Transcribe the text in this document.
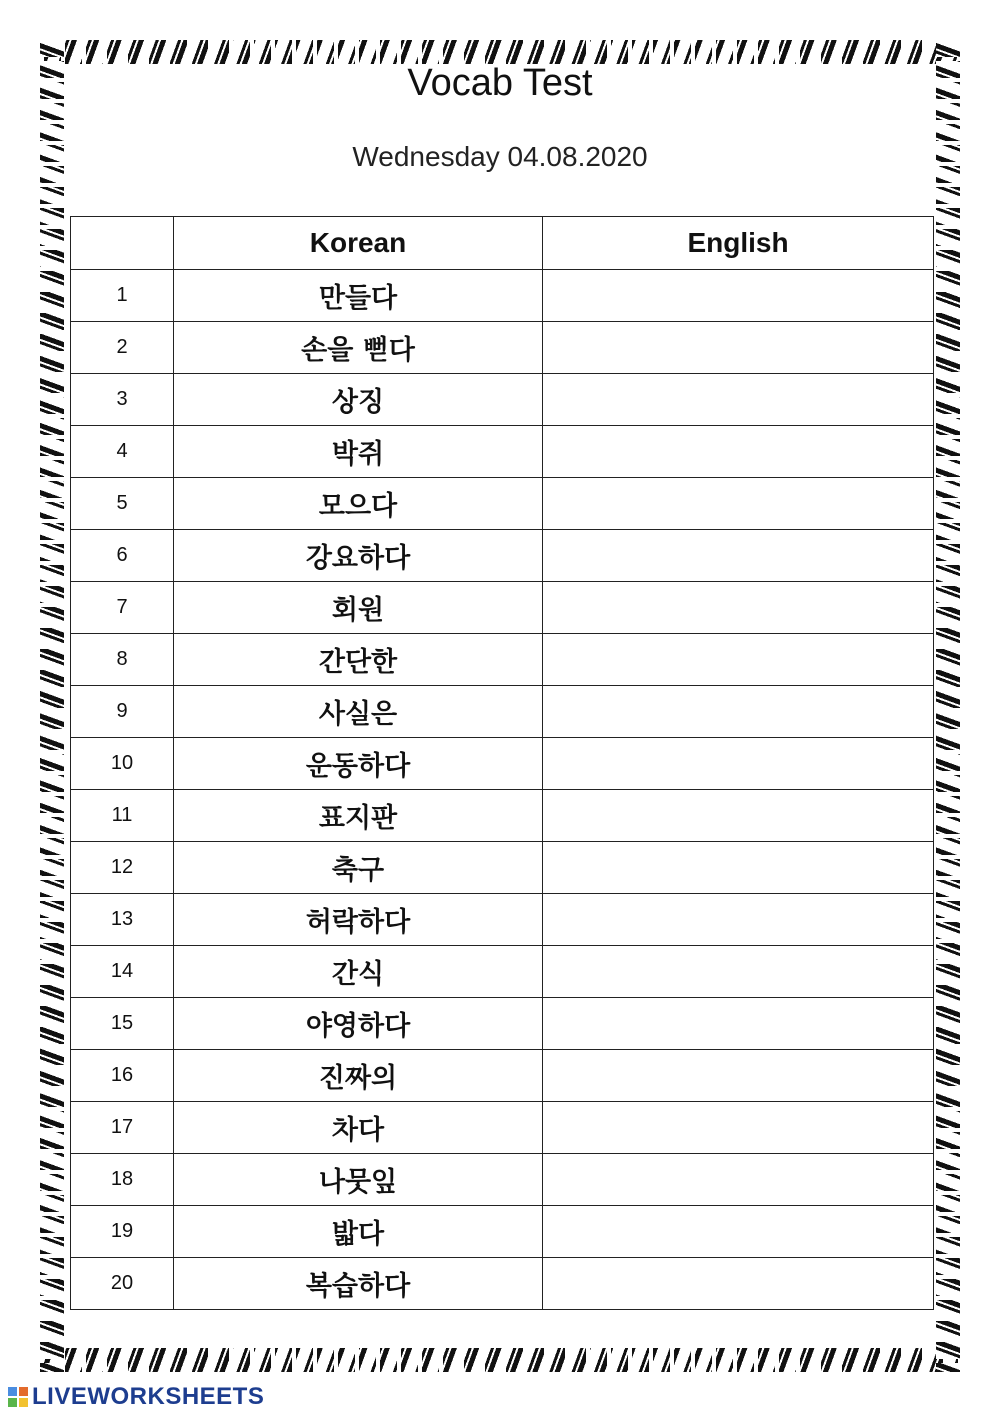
Vocab Test
Wednesday 04.08.2020
	Korean	English
1	만들다	
2	손을 뻗다	
3	상징	
4	박쥐	
5	모으다	
6	강요하다	
7	회원	
8	간단한	
9	사실은	
10	운동하다	
11	표지판	
12	축구	
13	허락하다	
14	간식	
15	야영하다	
16	진짜의	
17	차다	
18	나뭇잎	
19	밟다	
20	복습하다	
LIVEWORKSHEETS
